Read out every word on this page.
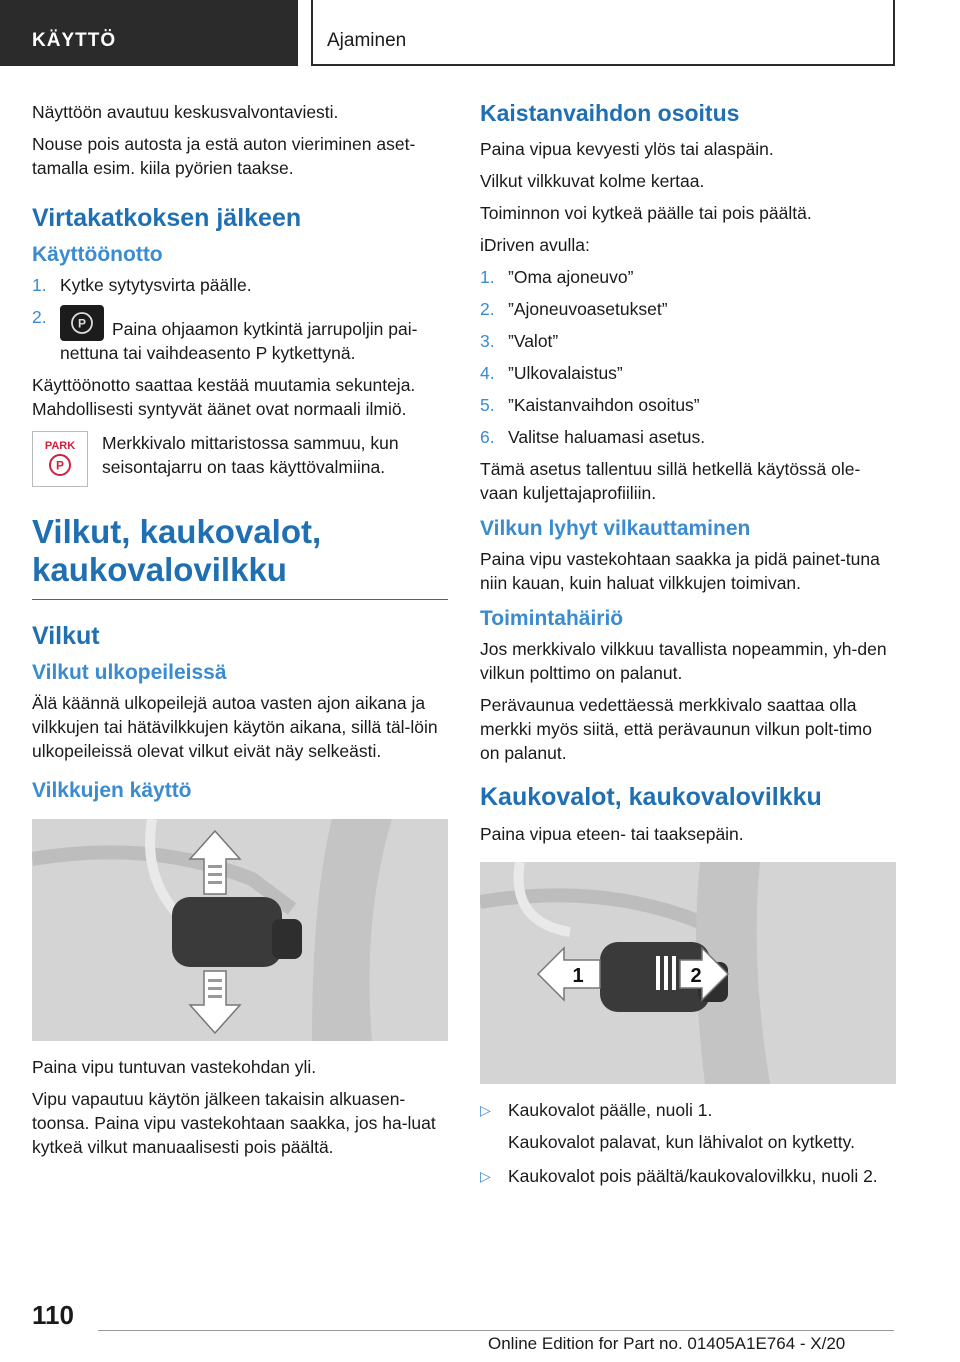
KÄYTTÖ	Ajaminen

Näyttöön avautuu keskusvalvontaviesti.

Nouse pois autosta ja estä auton vieriminen aset‐tamalla esim. kiila pyörien taakse.

Virtakatkoksen jälkeen
Käyttöönotto
1. Kytke sytytysvirta päälle.
2.	P Paina ohjaamon kytkintä jarrupoljin pai‐nettuna tai vaihdeasento P kytkettynä.

Käyttöönotto saattaa kestää muutamia sekunteja. Mahdollisesti syntyvät äänet ovat normaali ilmiö.

PARK
P

Merkkivalo mittaristossa sammuu, kun seisontajarru on taas käyttövalmiina.

Vilkut, kaukovalot, kaukovalovilkku
Vilkut
Vilkut ulkopeileissä

Älä käännä ulkopeilejä autoa vasten ajon aikana ja vilkkujen tai hätävilkkujen käytön aikana, sillä täl‐löin ulkopeileissä olevat vilkut eivät näy selkeästi.

Vilkkujen käyttö

Paina vipu tuntuvan vastekohdan yli.

Vipu vapautuu käytön jälkeen takaisin alkuasen‐toonsa. Paina vipu vastekohtaan saakka, jos ha‐luat kytkeä vilkut manuaalisesti pois päältä.

Kaistanvaihdon osoitus

Paina vipua kevyesti ylös tai alaspäin.

Vilkut vilkkuvat kolme kertaa.

Toiminnon voi kytkeä päälle tai pois päältä.

iDriven avulla:

1. ”Oma ajoneuvo”
2. ”Ajoneuvoasetukset”
3. ”Valot”
4. ”Ulkovalaistus”
5. ”Kaistanvaihdon osoitus”
6. Valitse haluamasi asetus.

Tämä asetus tallentuu sillä hetkellä käytössä ole‐vaan kuljettajaprofiiliin.

Vilkun lyhyt vilkauttaminen

Paina vipu vastekohtaan saakka ja pidä painet‐tuna niin kauan, kuin haluat vilkkujen toimivan.

Toimintahäiriö

Jos merkkivalo vilkkuu tavallista nopeammin, yh‐den vilkun polttimo on palanut.

Perävaunua vedettäessä merkkivalo saattaa olla merkki myös siitä, että perävaunun vilkun polt‐timo on palanut.

Kaukovalot, kaukovalovilkku

Paina vipua eteen- tai taaksepäin.

1	2
▷ Kaukovalot päälle, nuoli 1.
Kaukovalot palavat, kun lähivalot on kytketty.
▷ Kaukovalot pois päältä/kaukovalovilkku, nuoli 2.
110
Online Edition for Part no. 01405A1E764 - X/20
